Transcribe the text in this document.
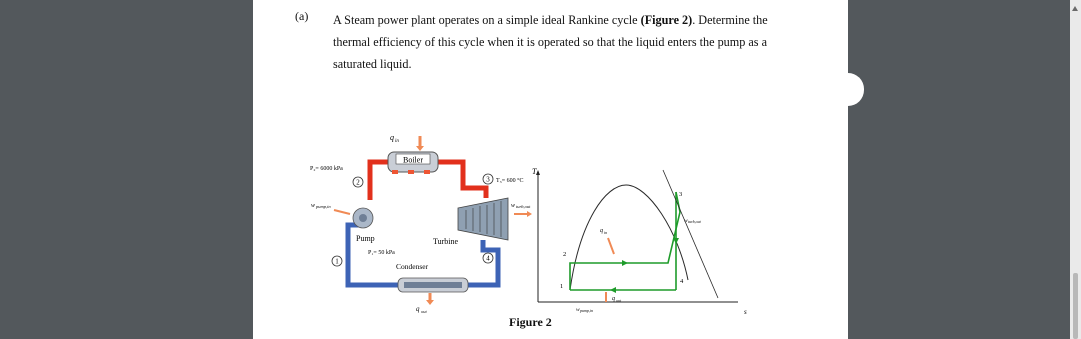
(a) A Steam power plant operates on a simple ideal Rankine cycle (Figure 2). Determine the thermal efficiency of this cycle when it is operated so that the liquid enters the pump as a saturated liquid.
Boiler
q in
P₂= 6000 kPa
2	3 T₃= 600 °C
w pump,in
Pump
w turb,out
Turbine
1
P₁= 50 kPa
Condenser
4
q out
T
s
1
2
3
4
q in
q out
w pump,in
w turb,out
Figure 2
